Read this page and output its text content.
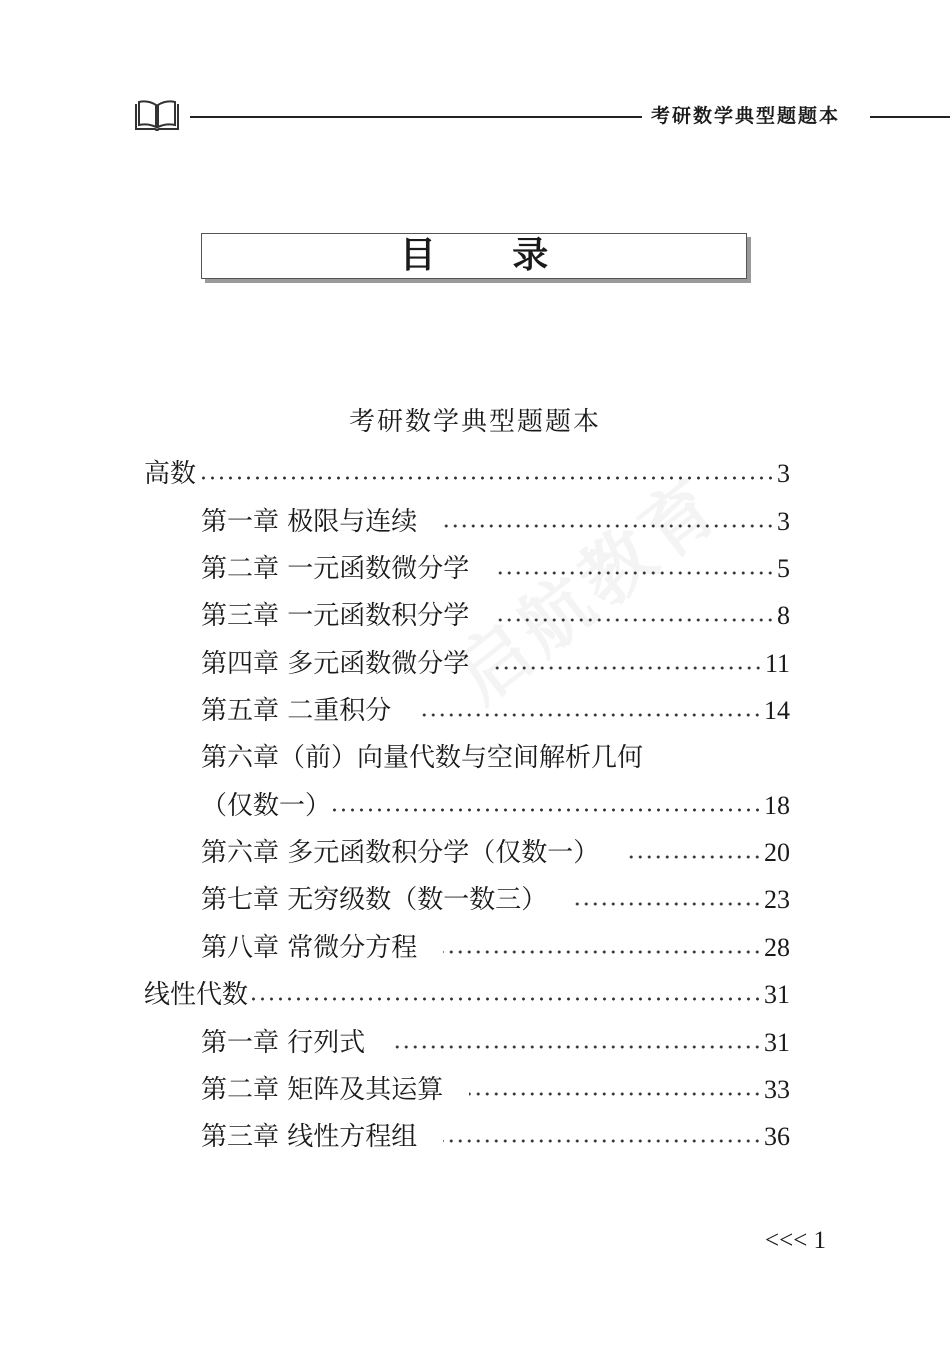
考研数学典型题题本
目 录
考研数学典型题题本
启航教育
高数	3
第一章 极限与连续	3
第二章 一元函数微分学	5
第三章 一元函数积分学	8
第四章 多元函数微分学	11
第五章 二重积分	14
第六章（前）向量代数与空间解析几何
（仅数一）	18
第六章 多元函数积分学（仅数一）	20
第七章 无穷级数（数一数三）	23
第八章 常微分方程	28
线性代数	31
第一章 行列式	31
第二章 矩阵及其运算	33
第三章 线性方程组	36
<<< 1
